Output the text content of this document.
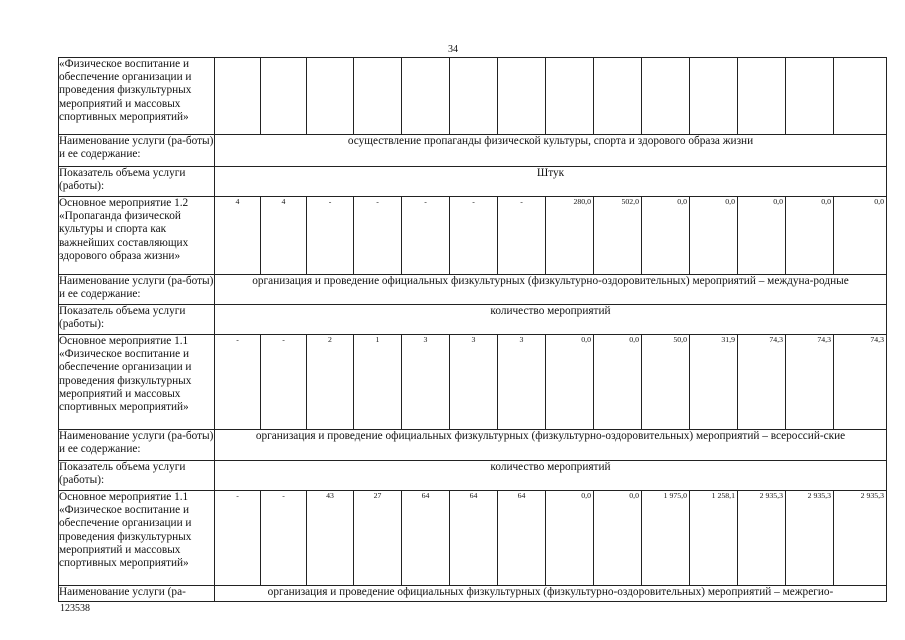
34
«Физическое воспитание и обеспечение организации и проведения физкультурных мероприятий и массовых спортивных мероприятий»														
Наименование услуги (ра-боты) и ее содержание:	осуществление пропаганды физической культуры, спорта и здорового образа жизни													
Показатель объема услуги (работы):	Штук													
Основное мероприятие 1.2 «Пропаганда физической культуры и спорта как важнейших составляющих здорового образа жизни»	4	4	-	-	-	-	-	280,0	502,0	0,0	0,0	0,0	0,0	0,0
Наименование услуги (ра-боты) и ее содержание:	организация и проведение официальных физкультурных (физкультурно-оздоровительных) мероприятий – междуна-родные													
Показатель объема услуги (работы):	количество мероприятий													
Основное мероприятие 1.1 «Физическое воспитание и обеспечение организации и проведения физкультурных мероприятий и массовых спортивных мероприятий»	-	-	2	1	3	3	3	0,0	0,0	50,0	31,9	74,3	74,3	74,3
Наименование услуги (ра-боты) и ее содержание:	организация и проведение официальных физкультурных (физкультурно-оздоровительных) мероприятий – всероссий-ские													
Показатель объема услуги (работы):	количество мероприятий													
Основное мероприятие 1.1 «Физическое воспитание и обеспечение организации и проведения физкультурных мероприятий и массовых спортивных мероприятий»	-	-	43	27	64	64	64	0,0	0,0	1 975,0	1 258,1	2 935,3	2 935,3	2 935,3
Наименование услуги (ра-	организация и проведение официальных физкультурных (физкультурно-оздоровительных) мероприятий – межрегио-													
123538
